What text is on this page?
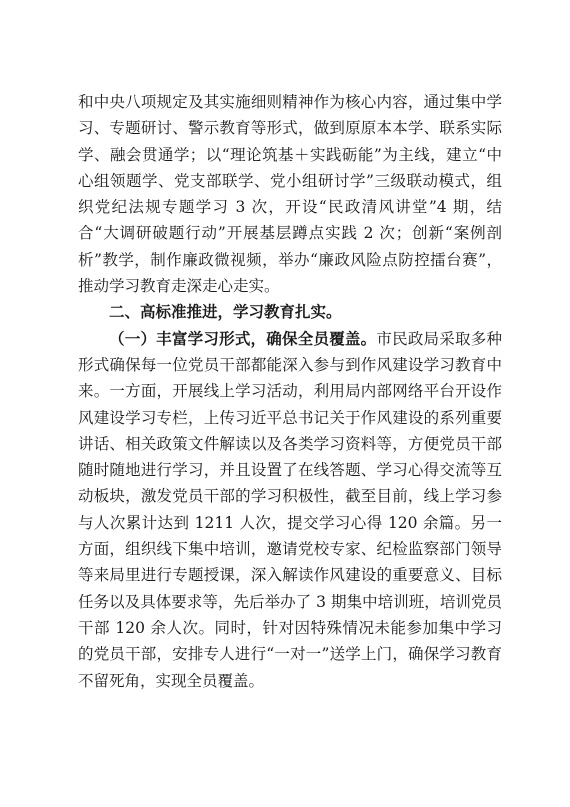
和中央八项规定及其实施细则精神作为核心内容，通过集中学习、专题研讨、警示教育等形式，做到原原本本学、联系实际学、融会贯通学；以“理论筑基＋实践砺能”为主线，建立“中心组领题学、党支部联学、党小组研讨学”三级联动模式，组织党纪法规专题学习 3 次，开设“民政清风讲堂”4 期，结合“大调研破题行动”开展基层蹲点实践 2 次；创新“案例剖析”教学，制作廉政微视频，举办“廉政风险点防控擂台赛”，推动学习教育走深走心走实。

二、高标准推进，学习教育扎实。

（一）丰富学习形式，确保全员覆盖。市民政局采取多种形式确保每一位党员干部都能深入参与到作风建设学习教育中来。一方面，开展线上学习活动，利用局内部网络平台开设作风建设学习专栏，上传习近平总书记关于作风建设的系列重要讲话、相关政策文件解读以及各类学习资料等，方便党员干部随时随地进行学习，并且设置了在线答题、学习心得交流等互动板块，激发党员干部的学习积极性，截至目前，线上学习参与人次累计达到 1211 人次，提交学习心得 120 余篇。另一方面，组织线下集中培训，邀请党校专家、纪检监察部门领导等来局里进行专题授课，深入解读作风建设的重要意义、目标任务以及具体要求等，先后举办了 3 期集中培训班，培训党员干部 120 余人次。同时，针对因特殊情况未能参加集中学习的党员干部，安排专人进行“一对一”送学上门，确保学习教育不留死角，实现全员覆盖。
